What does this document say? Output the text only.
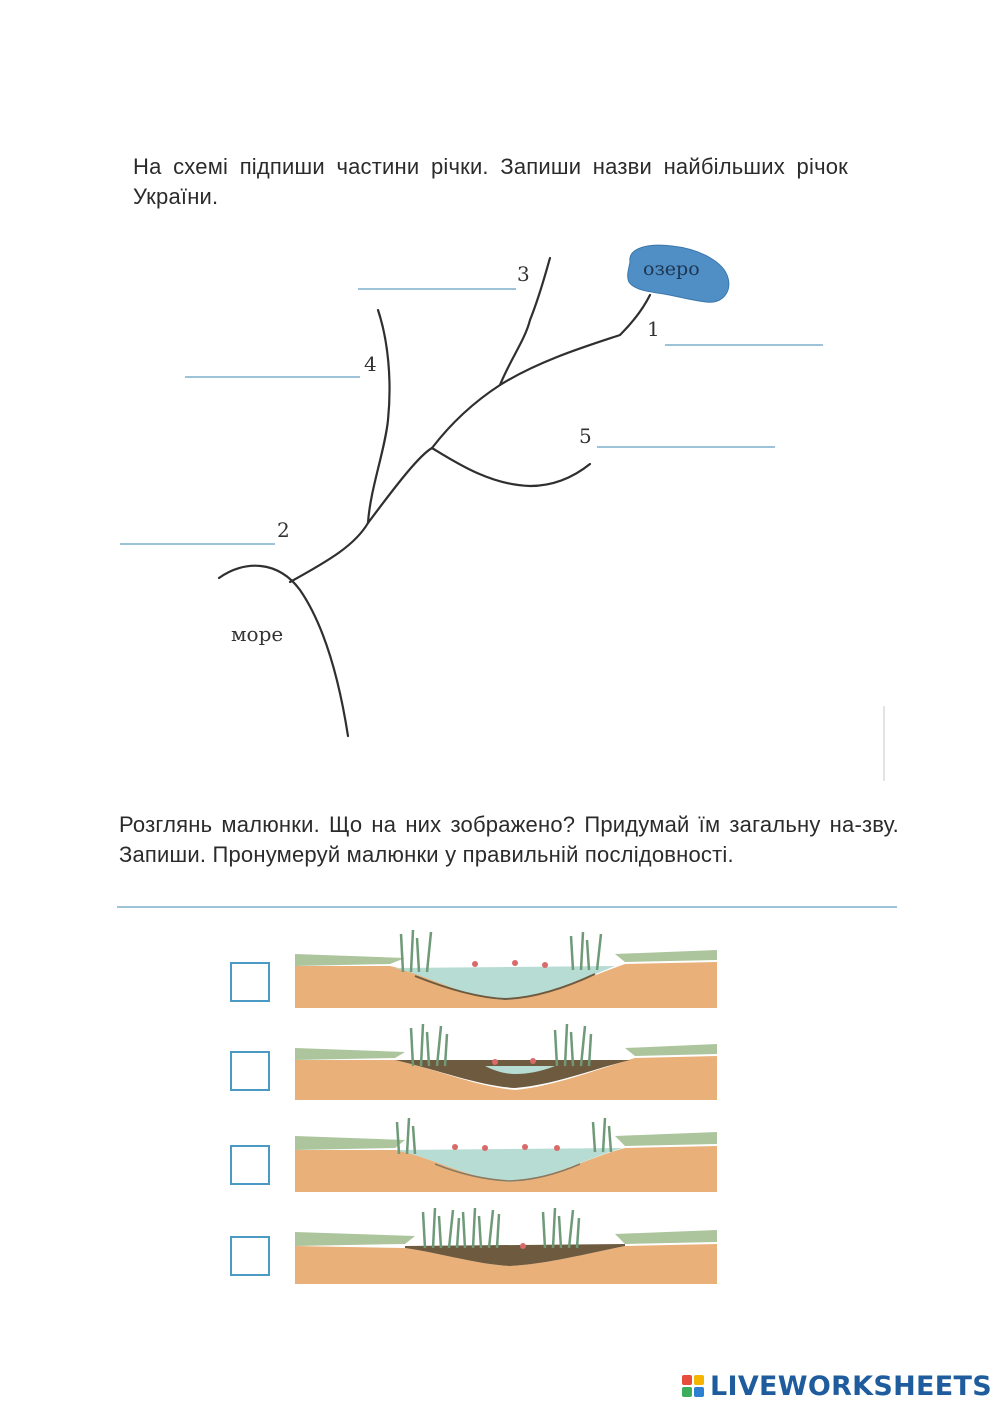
На схемі підпиши частини річки. Запиши назви найбільших річок України.
озеро
море
1
2
3
4
5
Розглянь малюнки. Що на них зображено? Придумай їм загальну на-зву. Запиши. Пронумеруй малюнки у правильній послідовності.
LIVEWORKSHEETS
